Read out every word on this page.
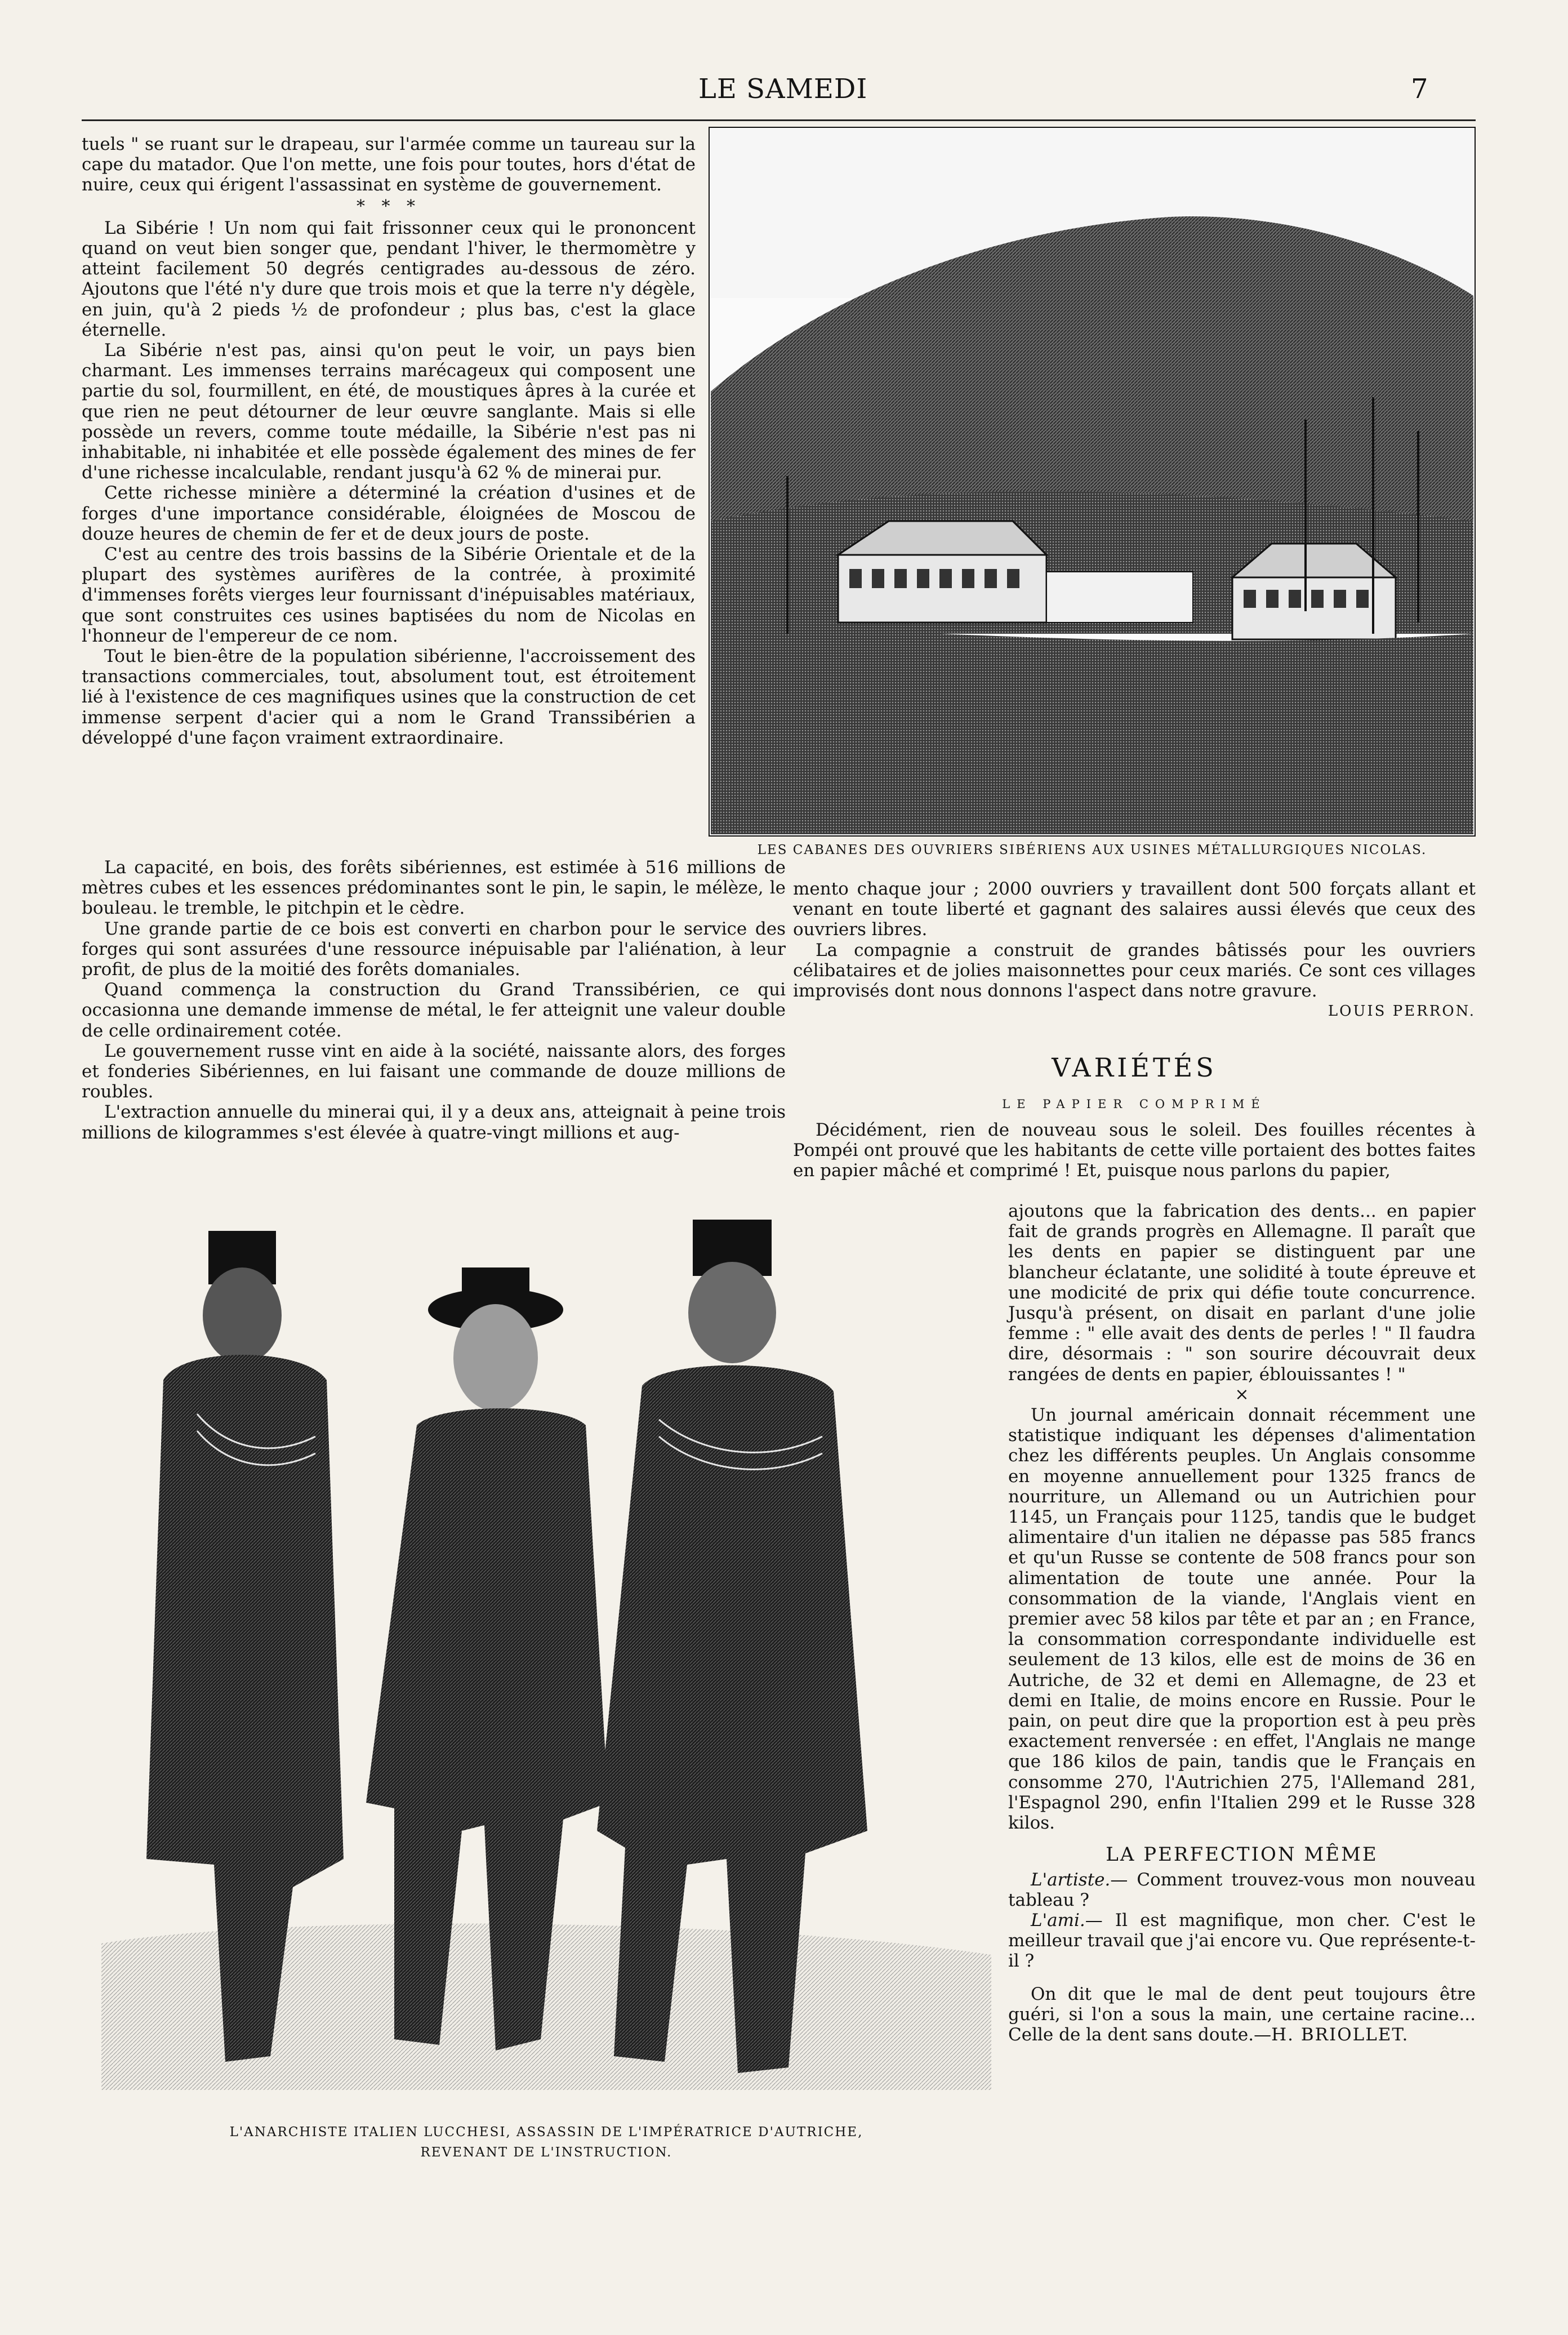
LE SAMEDI	7

tuels " se ruant sur le drapeau, sur l'armée comme un taureau sur la cape du matador. Que l'on mette, une fois pour toutes, hors d'état de nuire, ceux qui érigent l'assassinat en système de gouvernement.

* * *

La Sibérie ! Un nom qui fait frissonner ceux qui le prononcent quand on veut bien songer que, pendant l'hiver, le thermomètre y atteint facilement 50 degrés centigrades au-dessous de zéro. Ajoutons que l'été n'y dure que trois mois et que la terre n'y dégèle, en juin, qu'à 2 pieds ½ de profondeur ; plus bas, c'est la glace éternelle.

La Sibérie n'est pas, ainsi qu'on peut le voir, un pays bien charmant. Les immenses terrains marécageux qui composent une partie du sol, fourmillent, en été, de moustiques âpres à la curée et que rien ne peut détourner de leur œuvre sanglante. Mais si elle possède un revers, comme toute médaille, la Sibérie n'est pas ni inhabitable, ni inhabitée et elle possède également des mines de fer d'une richesse incalculable, rendant jusqu'à 62 % de minerai pur.

Cette richesse minière a déterminé la création d'usines et de forges d'une importance considérable, éloignées de Moscou de douze heures de chemin de fer et de deux jours de poste.

C'est au centre des trois bassins de la Sibérie Orientale et de la plupart des systèmes aurifères de la contrée, à proximité d'immenses forêts vierges leur fournissant d'inépuisables matériaux, que sont construites ces usines baptisées du nom de Nicolas en l'honneur de l'empereur de ce nom.

Tout le bien-être de la population sibérienne, l'accroissement des transactions commerciales, tout, absolument tout, est étroitement lié à l'existence de ces magnifiques usines que la construction de cet immense serpent d'acier qui a nom le Grand Transsibérien a développé d'une façon vraiment extraordinaire.

LES CABANES DES OUVRIERS SIBÉRIENS AUX USINES MÉTALLURGIQUES NICOLAS.

La capacité, en bois, des forêts sibériennes, est estimée à 516 millions de mètres cubes et les essences prédominantes sont le pin, le sapin, le mélèze, le bouleau. le tremble, le pitchpin et le cèdre.

Une grande partie de ce bois est converti en charbon pour le service des forges qui sont assurées d'une ressource inépuisable par l'aliénation, à leur profit, de plus de la moitié des forêts domaniales.

Quand commença la construction du Grand Transsibérien, ce qui occasionna une demande immense de métal, le fer atteignit une valeur double de celle ordinairement cotée.

Le gouvernement russe vint en aide à la société, naissante alors, des forges et fonderies Sibériennes, en lui faisant une commande de douze millions de roubles.

L'extraction annuelle du minerai qui, il y a deux ans, atteignait à peine trois millions de kilogrammes s'est élevée à quatre-vingt millions et aug-

mento chaque jour ; 2000 ouvriers y travaillent dont 500 forçats allant et venant en toute liberté et gagnant des salaires aussi élevés que ceux des ouvriers libres.

La compagnie a construit de grandes bâtissés pour les ouvriers célibataires et de jolies maisonnettes pour ceux mariés. Ce sont ces villages improvisés dont nous donnons l'aspect dans notre gravure.

LOUIS PERRON.
VARIÉTÉS
LE PAPIER COMPRIMÉ

Décidément, rien de nouveau sous le soleil. Des fouilles récentes à Pompéi ont prouvé que les habitants de cette ville portaient des bottes faites en papier mâché et comprimé ! Et, puisque nous parlons du papier,

L'ANARCHISTE ITALIEN LUCCHESI, ASSASSIN DE L'IMPÉRATRICE D'AUTRICHE,
REVENANT DE L'INSTRUCTION.

ajoutons que la fabrication des dents... en papier fait de grands progrès en Allemagne. Il paraît que les dents en papier se distinguent par une blancheur éclatante, une solidité à toute épreuve et une modicité de prix qui défie toute concurrence. Jusqu'à présent, on disait en parlant d'une jolie femme : " elle avait des dents de perles ! " Il faudra dire, désormais : " son sourire découvrait deux rangées de dents en papier, éblouissantes ! "

×

Un journal américain donnait récemment une statistique indiquant les dépenses d'alimentation chez les différents peuples. Un Anglais consomme en moyenne annuellement pour 1325 francs de nourriture, un Allemand ou un Autrichien pour 1145, un Français pour 1125, tandis que le budget alimentaire d'un italien ne dépasse pas 585 francs et qu'un Russe se contente de 508 francs pour son alimentation de toute une année. Pour la consommation de la viande, l'Anglais vient en premier avec 58 kilos par tête et par an ; en France, la consommation correspondante individuelle est seulement de 13 kilos, elle est de moins de 36 en Autriche, de 32 et demi en Allemagne, de 23 et demi en Italie, de moins encore en Russie. Pour le pain, on peut dire que la proportion est à peu près exactement renversée : en effet, l'Anglais ne mange que 186 kilos de pain, tandis que le Français en consomme 270, l'Autrichien 275, l'Allemand 281, l'Espagnol 290, enfin l'Italien 299 et le Russe 328 kilos.

LA PERFECTION MÊME

L'artiste.— Comment trouvez-vous mon nouveau tableau ?

L'ami.— Il est magnifique, mon cher. C'est le meilleur travail que j'ai encore vu. Que représente-t-il ?

On dit que le mal de dent peut toujours être guéri, si l'on a sous la main, une certaine racine... Celle de la dent sans doute.—H. BRIOLLET.
